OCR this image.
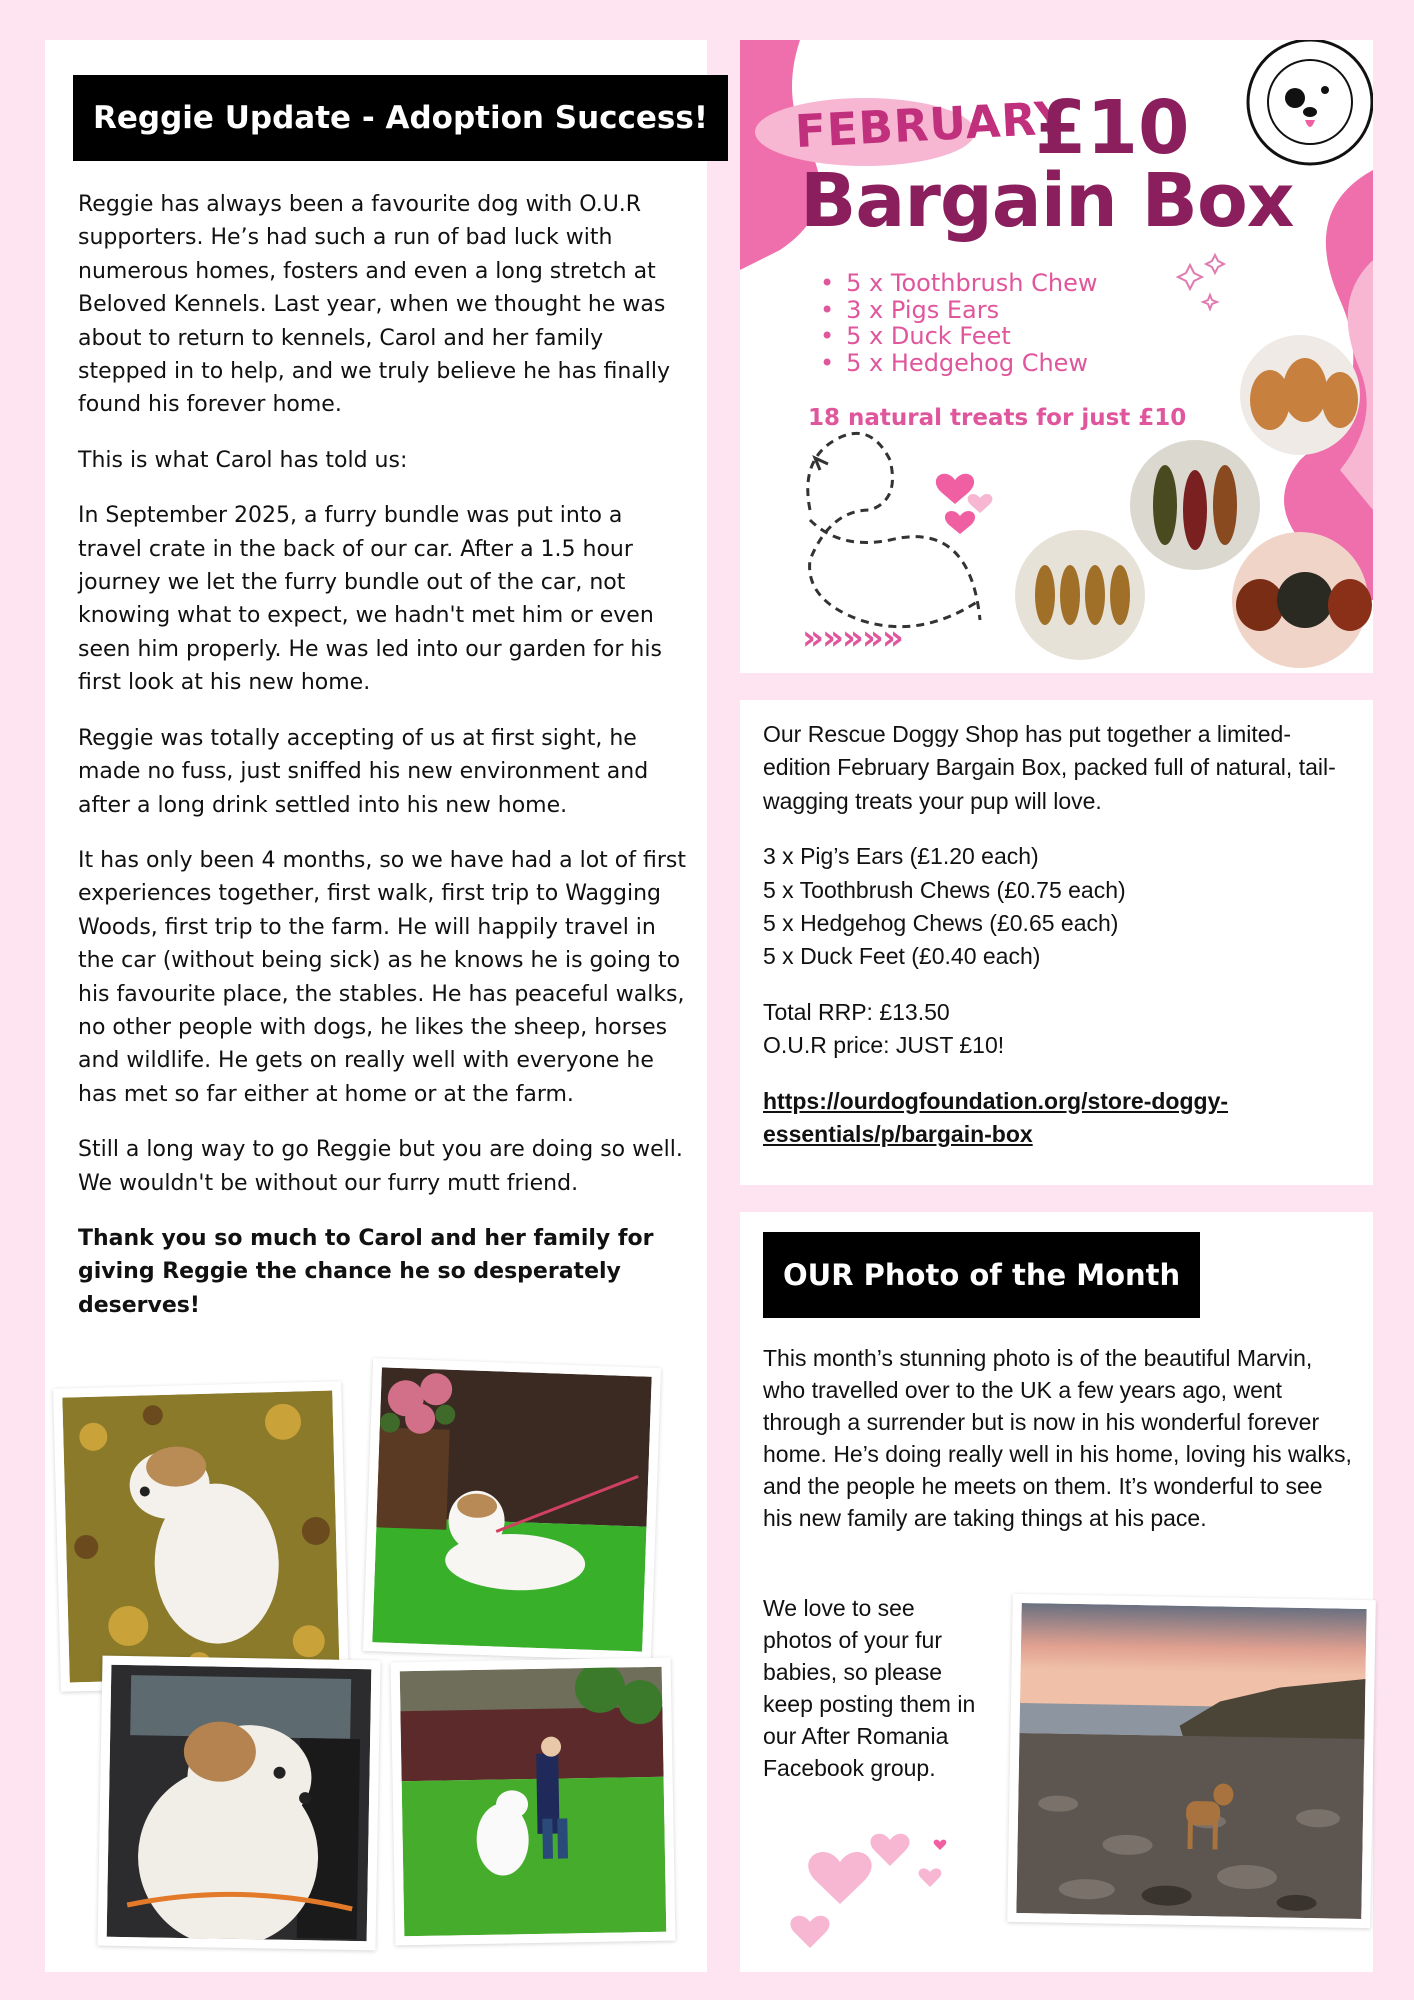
Reggie Update - Adoption Success!

Reggie has always been a favourite dog with O.U.R supporters. He’s had such a run of bad luck with numerous homes, fosters and even a long stretch at Beloved Kennels. Last year, when we thought he was about to return to kennels, Carol and her family stepped in to help, and we truly believe he has finally found his forever home.

This is what Carol has told us:

In September 2025, a furry bundle was put into a travel crate in the back of our car. After a 1.5 hour journey we let the furry bundle out of the car, not knowing what to expect, we hadn't met him or even seen him properly. He was led into our garden for his first look at his new home.

Reggie was totally accepting of us at first sight, he made no fuss, just sniffed his new environment and after a long drink settled into his new home.

It has only been 4 months, so we have had a lot of first experiences together, first walk, first trip to Wagging Woods, first trip to the farm. He will happily travel in the car (without being sick) as he knows he is going to his favourite place, the stables. He has peaceful walks, no other people with dogs, he likes the sheep, horses and wildlife. He gets on really well with everyone he has met so far either at home or at the farm.

Still a long way to go Reggie but you are doing so well. We wouldn't be without our furry mutt friend.

Thank you so much to Carol and her family for giving Reggie the chance he so desperately deserves!

FEBRUARY
£10
Bargain Box
• 5 x Toothbrush Chew
• 3 x Pigs Ears
• 5 x Duck Feet
• 5 x Hedgehog Chew
18 natural treats for just £10
»»»»»

Our Rescue Doggy Shop has put together a limited-edition February Bargain Box, packed full of natural, tail-wagging treats your pup will love.

3 x Pig’s Ears (£1.20 each)
5 x Toothbrush Chews (£0.75 each)
5 x Hedgehog Chews (£0.65 each)
5 x Duck Feet (£0.40 each)

Total RRP: £13.50
O.U.R price: JUST £10!

https://ourdogfoundation.org/store-doggy-essentials/p/bargain-box

OUR Photo of the Month

This month’s stunning photo is of the beautiful Marvin, who travelled over to the UK a few years ago, went through a surrender but is now in his wonderful forever home. He’s doing really well in his home, loving his walks, and the people he meets on them. It’s wonderful to see his new family are taking things at his pace.

We love to see photos of your fur babies, so please keep posting them in our After Romania Facebook group.
